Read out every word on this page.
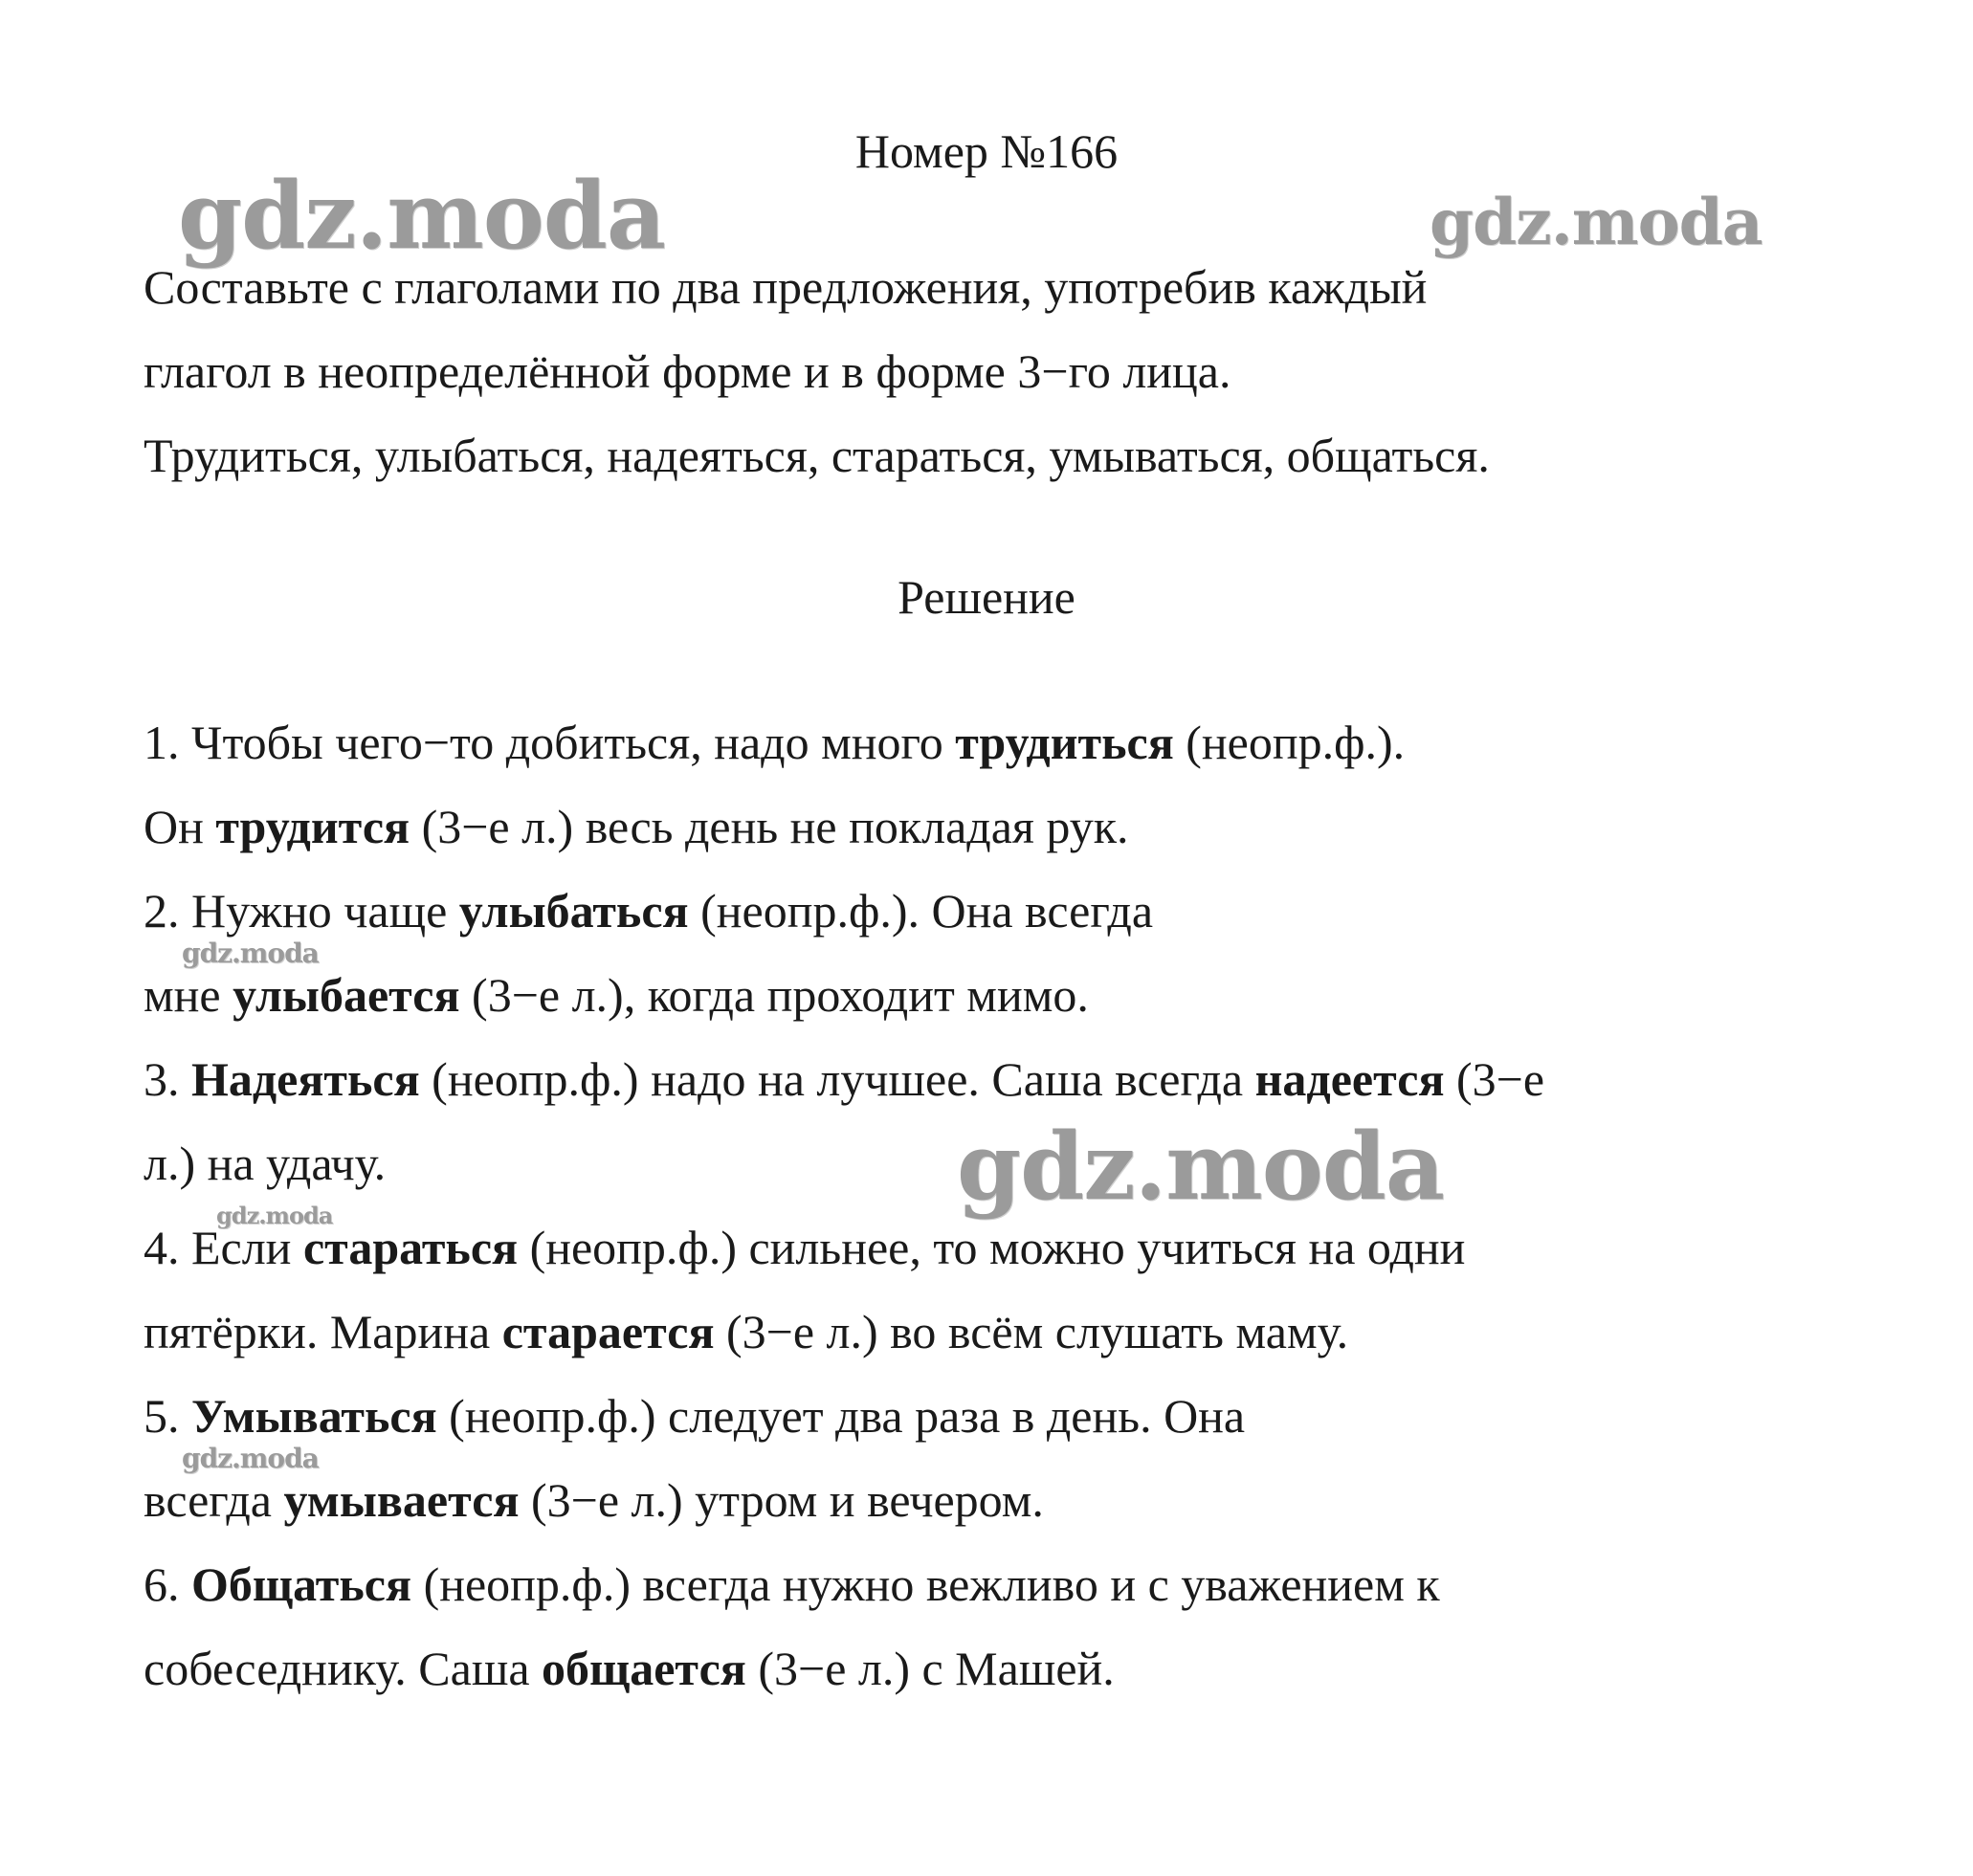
gdz.moda	gdz.moda
gdz.moda
gdz.moda
gdz.moda
gdz.moda
Номер №166
Составьте с глаголами по два предложения, употребив каждый
глагол в неопределённой форме и в форме 3−го лица.
Трудиться, улыбаться, надеяться, стараться, умываться, общаться.
Решение
1. Чтобы чего−то добиться, надо много трудиться (неопр.ф.).
Он трудится (3−е л.) весь день не покладая рук.
2. Нужно чаще улыбаться (неопр.ф.). Она всегда
мне улыбается (3−е л.), когда проходит мимо.
3. Надеяться (неопр.ф.) надо на лучшее. Саша всегда надеется (3−е
л.) на удачу.
4. Если стараться (неопр.ф.) сильнее, то можно учиться на одни
пятёрки. Марина старается (3−е л.) во всём слушать маму.
5. Умываться (неопр.ф.) следует два раза в день. Она
всегда умывается (3−е л.) утром и вечером.
6. Общаться (неопр.ф.) всегда нужно вежливо и с уважением к
собеседнику. Саша общается (3−е л.) с Машей.
